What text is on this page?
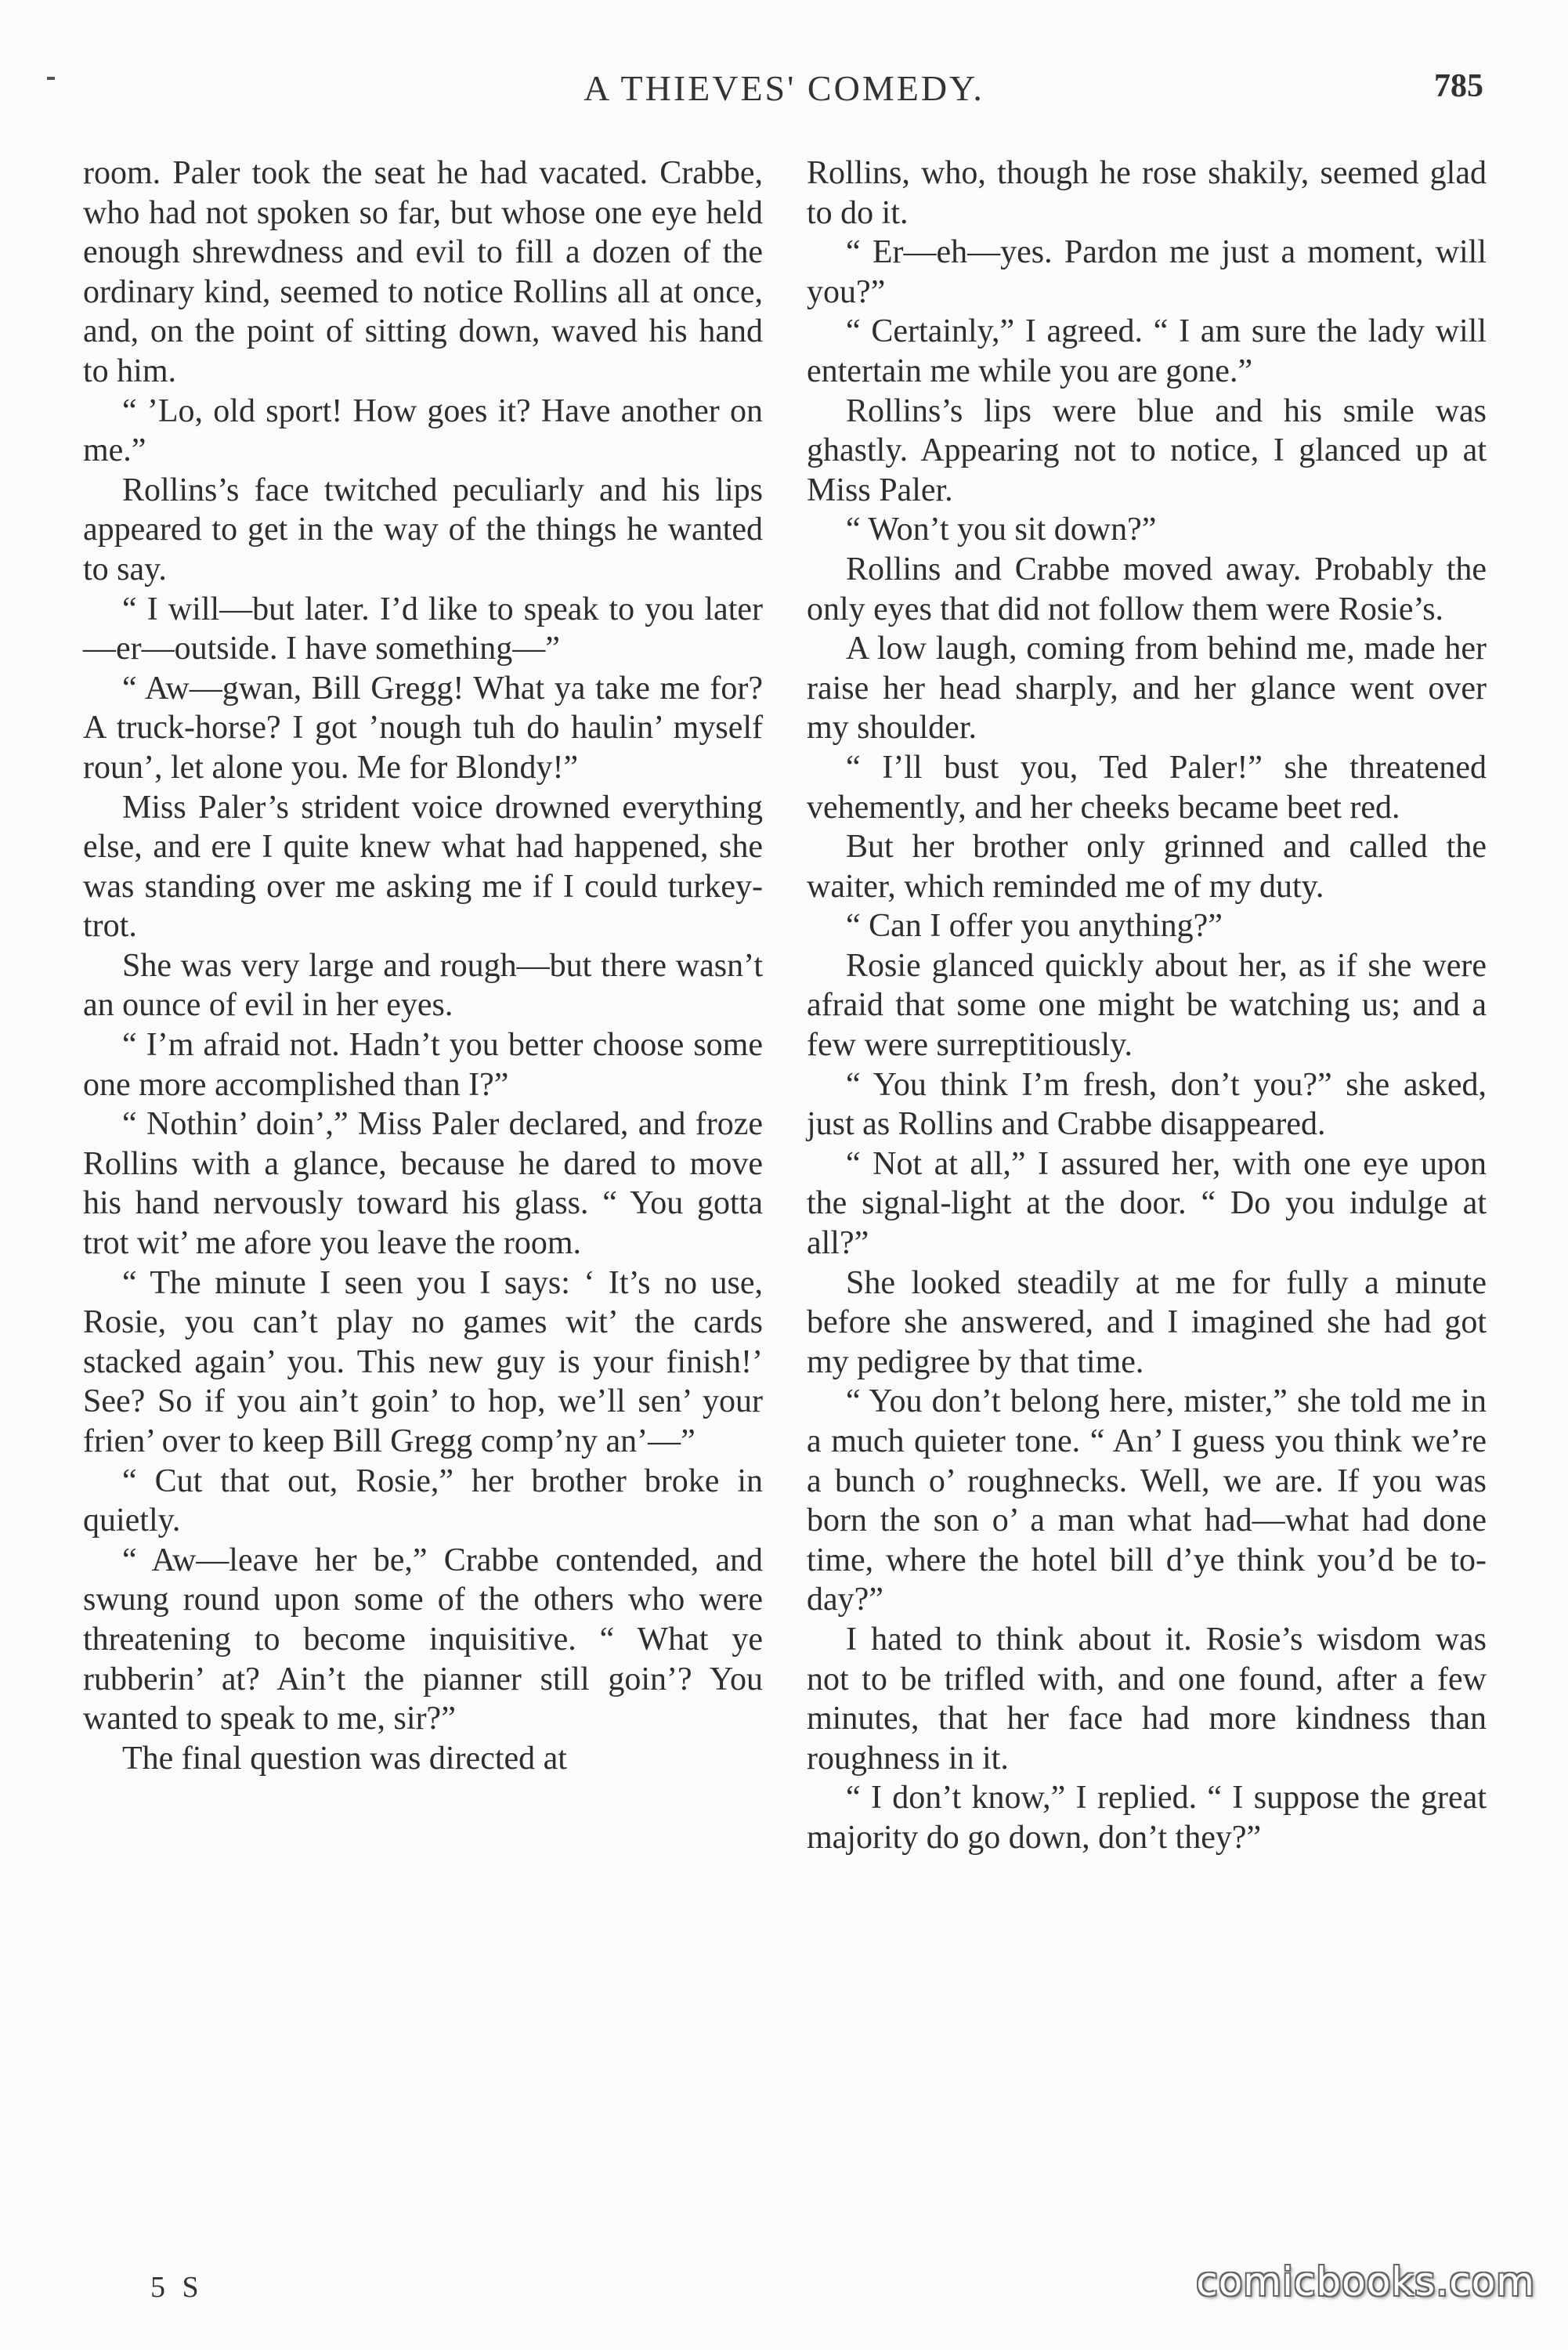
A THIEVES' COMEDY.	785

room. Paler took the seat he had vacated. Crabbe, who had not spoken so far, but whose one eye held enough shrewdness and evil to fill a dozen of the ordinary kind, seemed to notice Rollins all at once, and, on the point of sitting down, waved his hand to him.

“ ’Lo, old sport! How goes it? Have another on me.”

Rollins’s face twitched peculiarly and his lips appeared to get in the way of the things he wanted to say.

“ I will—but later. I’d like to speak to you later—er—outside. I have something—”

“ Aw—gwan, Bill Gregg! What ya take me for? A truck-horse? I got ’nough tuh do haulin’ myself roun’, let alone you. Me for Blondy!”

Miss Paler’s strident voice drowned everything else, and ere I quite knew what had happened, she was standing over me asking me if I could turkey-trot.

She was very large and rough—but there wasn’t an ounce of evil in her eyes.

“ I’m afraid not. Hadn’t you better choose some one more accomplished than I?”

“ Nothin’ doin’,” Miss Paler declared, and froze Rollins with a glance, because he dared to move his hand nervously toward his glass. “ You gotta trot wit’ me afore you leave the room.

“ The minute I seen you I says: ‘ It’s no use, Rosie, you can’t play no games wit’ the cards stacked again’ you. This new guy is your finish!’ See? So if you ain’t goin’ to hop, we’ll sen’ your frien’ over to keep Bill Gregg comp’ny an’—”

“ Cut that out, Rosie,” her brother broke in quietly.

“ Aw—leave her be,” Crabbe contended, and swung round upon some of the others who were threatening to become inquisitive. “ What ye rubberin’ at? Ain’t the pianner still goin’? You wanted to speak to me, sir?”

The final question was directed at

Rollins, who, though he rose shakily, seemed glad to do it.

“ Er—eh—yes. Pardon me just a moment, will you?”

“ Certainly,” I agreed. “ I am sure the lady will entertain me while you are gone.”

Rollins’s lips were blue and his smile was ghastly. Appearing not to notice, I glanced up at Miss Paler.

“ Won’t you sit down?”

Rollins and Crabbe moved away. Probably the only eyes that did not follow them were Rosie’s.

A low laugh, coming from behind me, made her raise her head sharply, and her glance went over my shoulder.

“ I’ll bust you, Ted Paler!” she threatened vehemently, and her cheeks became beet red.

But her brother only grinned and called the waiter, which reminded me of my duty.

“ Can I offer you anything?”

Rosie glanced quickly about her, as if she were afraid that some one might be watching us; and a few were surreptitiously.

“ You think I’m fresh, don’t you?” she asked, just as Rollins and Crabbe disappeared.

“ Not at all,” I assured her, with one eye upon the signal-light at the door. “ Do you indulge at all?”

She looked steadily at me for fully a minute before she answered, and I imagined she had got my pedigree by that time.

“ You don’t belong here, mister,” she told me in a much quieter tone. “ An’ I guess you think we’re a bunch o’ roughnecks. Well, we are. If you was born the son o’ a man what had—what had done time, where the hotel bill d’ye think you’d be to-day?”

I hated to think about it. Rosie’s wisdom was not to be trifled with, and one found, after a few minutes, that her face had more kindness than roughness in it.

“ I don’t know,” I replied. “ I suppose the great majority do go down, don’t they?”

5 S	comicbooks.com
